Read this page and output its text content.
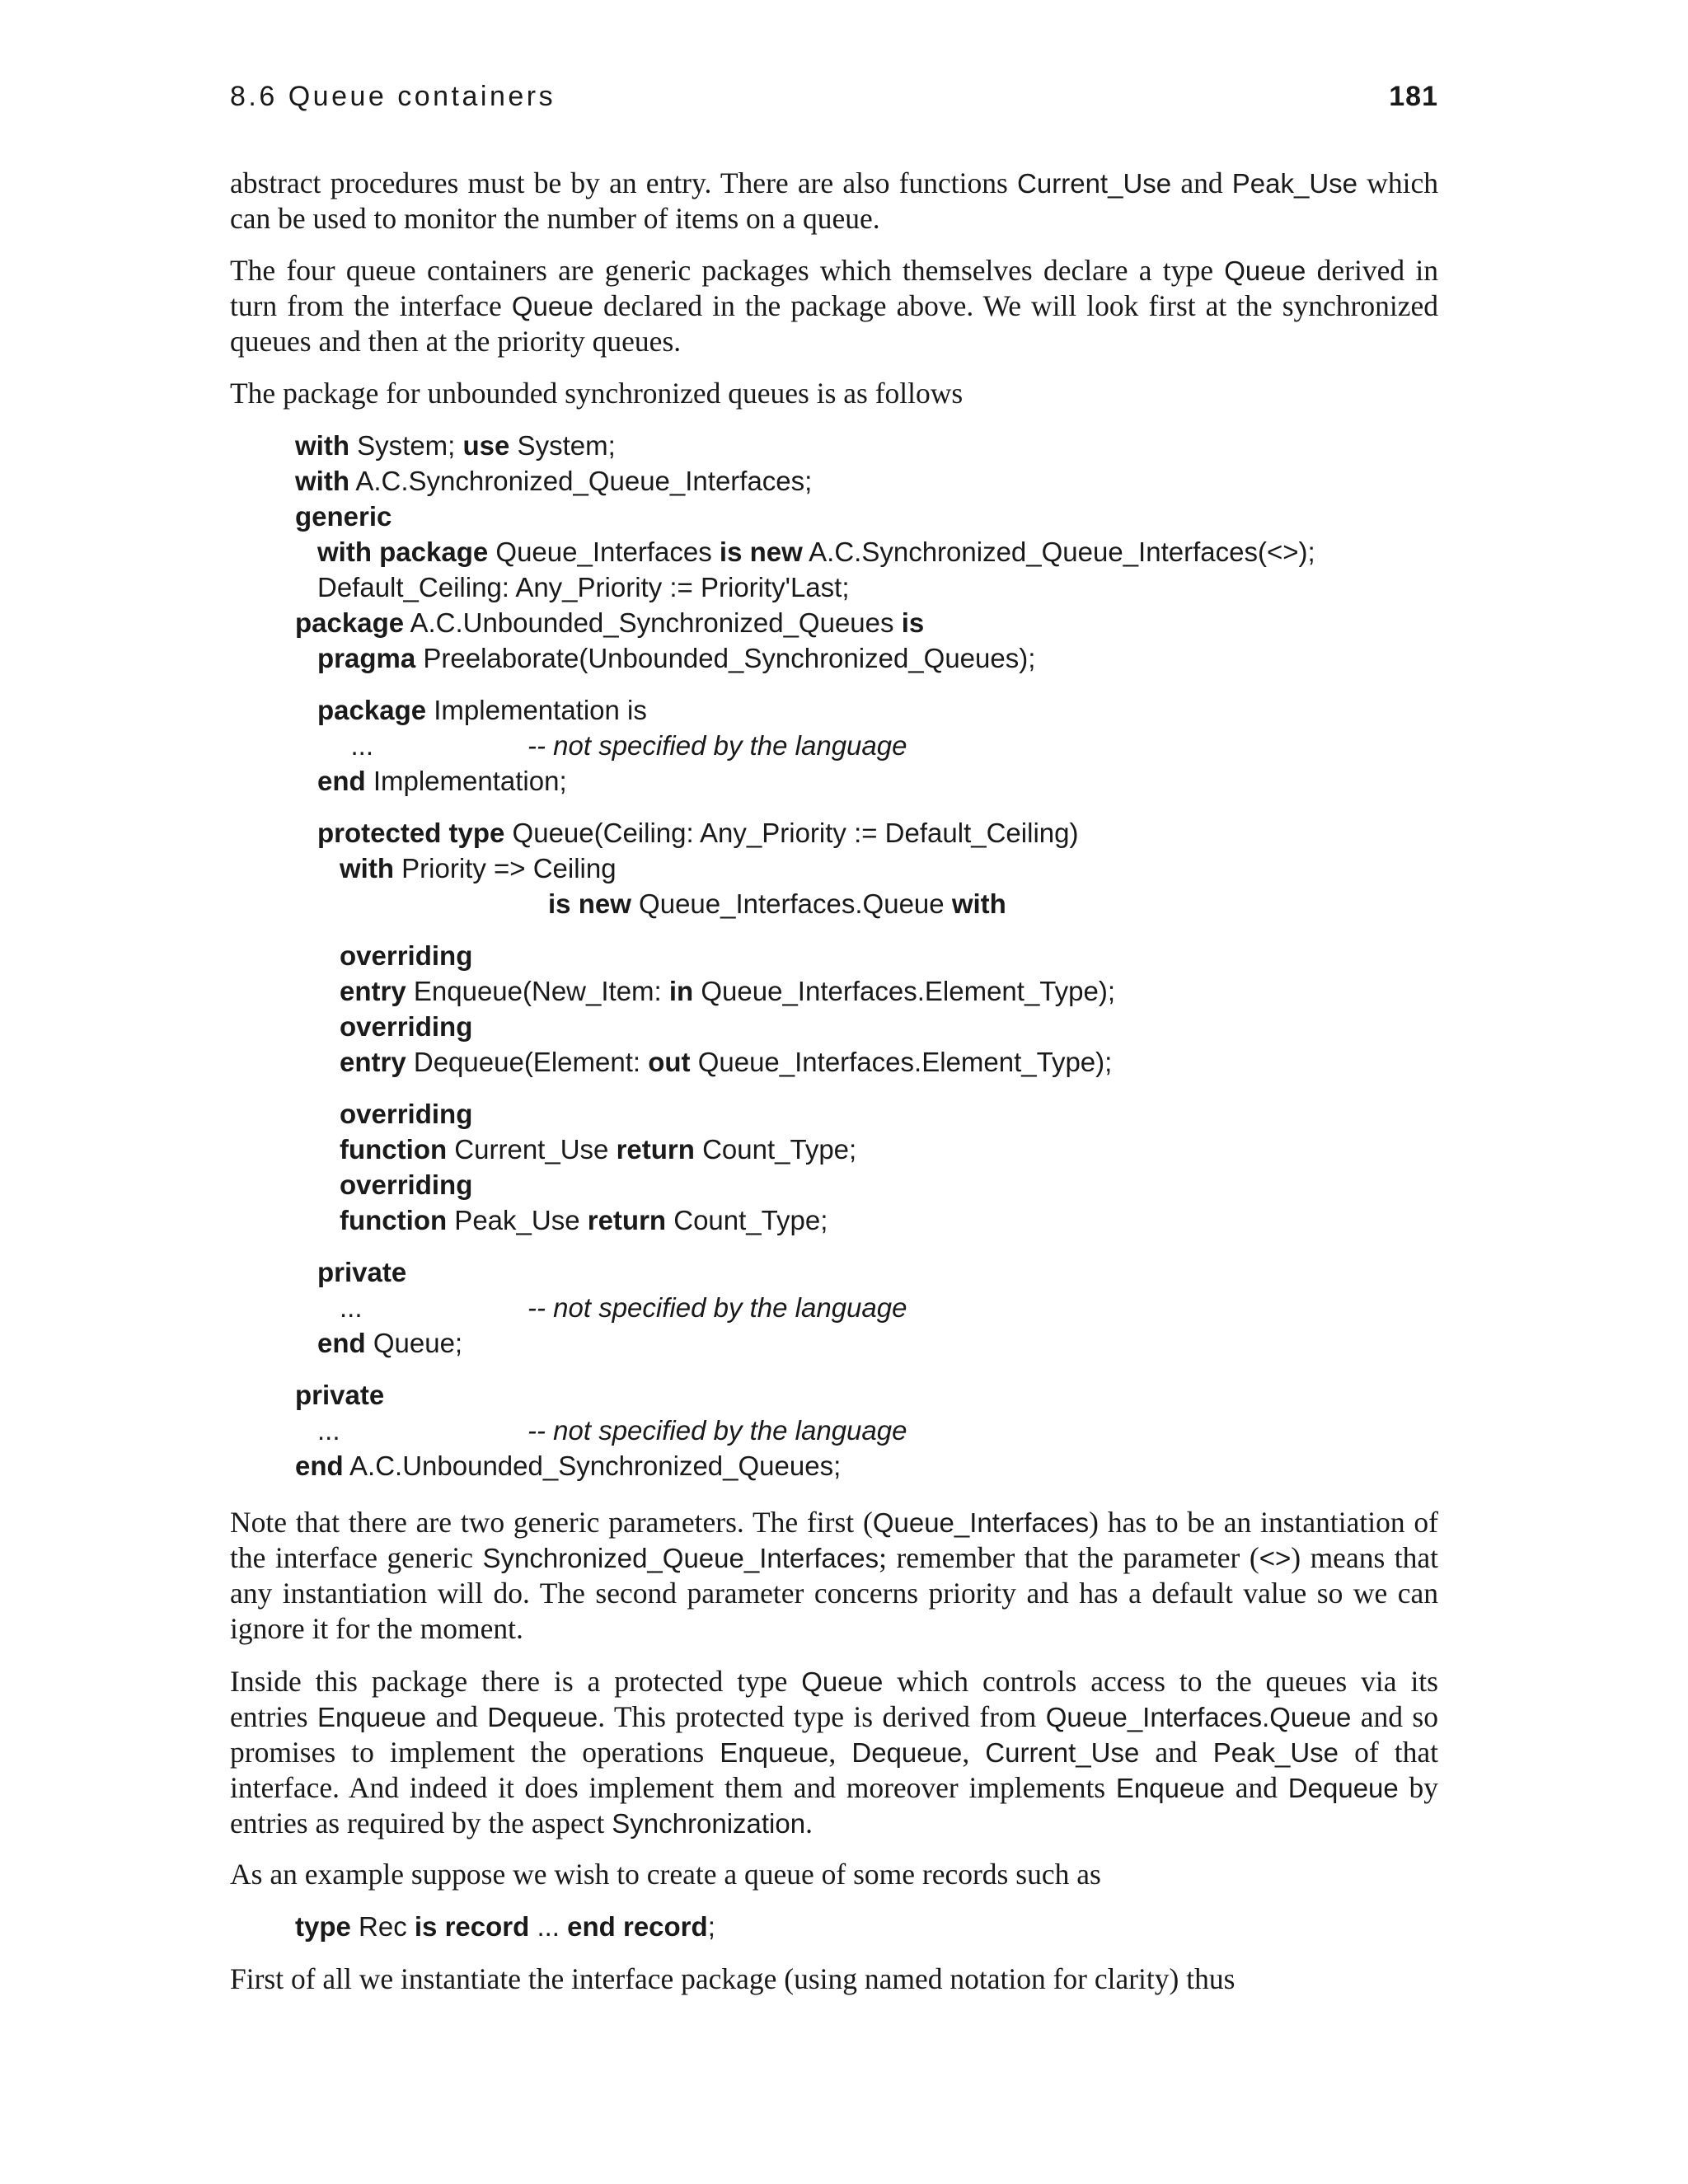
8.6 Queue containers	181
abstract procedures must be by an entry. There are also functions Current_Use and Peak_Use which
can be used to monitor the number of items on a queue.
The four queue containers are generic packages which themselves declare a type Queue derived in
turn from the interface Queue declared in the package above. We will look first at the synchronized
queues and then at the priority queues.
The package for unbounded synchronized queues is as follows
with System; use System;
with A.C.Synchronized_Queue_Interfaces;
generic
with package Queue_Interfaces is new A.C.Synchronized_Queue_Interfaces(<>);
Default_Ceiling: Any_Priority := Priority'Last;
package A.C.Unbounded_Synchronized_Queues is
pragma Preelaborate(Unbounded_Synchronized_Queues);
package Implementation is
...	-- not specified by the language
end Implementation;
protected type Queue(Ceiling: Any_Priority := Default_Ceiling)
with Priority => Ceiling
is new Queue_Interfaces.Queue with
overriding
entry Enqueue(New_Item: in Queue_Interfaces.Element_Type);
overriding
entry Dequeue(Element: out Queue_Interfaces.Element_Type);
overriding
function Current_Use return Count_Type;
overriding
function Peak_Use return Count_Type;
private
...	-- not specified by the language
end Queue;
private
...	-- not specified by the language
end A.C.Unbounded_Synchronized_Queues;
Note that there are two generic parameters. The first (Queue_Interfaces) has to be an instantiation of
the interface generic Synchronized_Queue_Interfaces; remember that the parameter (<>) means that
any instantiation will do. The second parameter concerns priority and has a default value so we can
ignore it for the moment.
Inside this package there is a protected type Queue which controls access to the queues via its
entries Enqueue and Dequeue. This protected type is derived from Queue_Interfaces.Queue and so
promises to implement the operations Enqueue, Dequeue, Current_Use and Peak_Use of that
interface. And indeed it does implement them and moreover implements Enqueue and Dequeue by
entries as required by the aspect Synchronization.
As an example suppose we wish to create a queue of some records such as
type Rec is record ... end record;
First of all we instantiate the interface package (using named notation for clarity) thus
